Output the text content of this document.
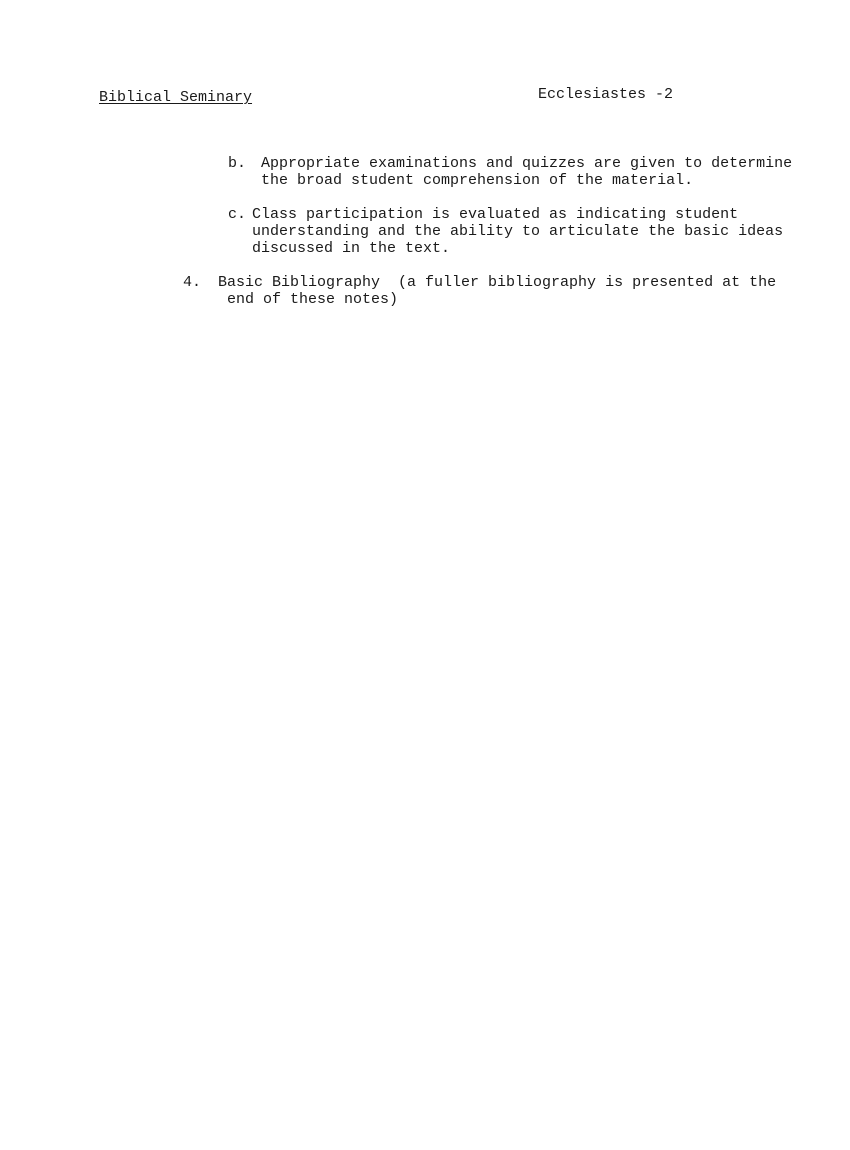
Biblical Seminary	Ecclesiastes -2
b. Appropriate examinations and quizzes are given to determine
the broad student comprehension of the material.
c. Class participation is evaluated as indicating student
understanding and the ability to articulate the basic ideas
discussed in the text.
4. Basic Bibliography (a fuller bibliography is presented at the
end of these notes)
